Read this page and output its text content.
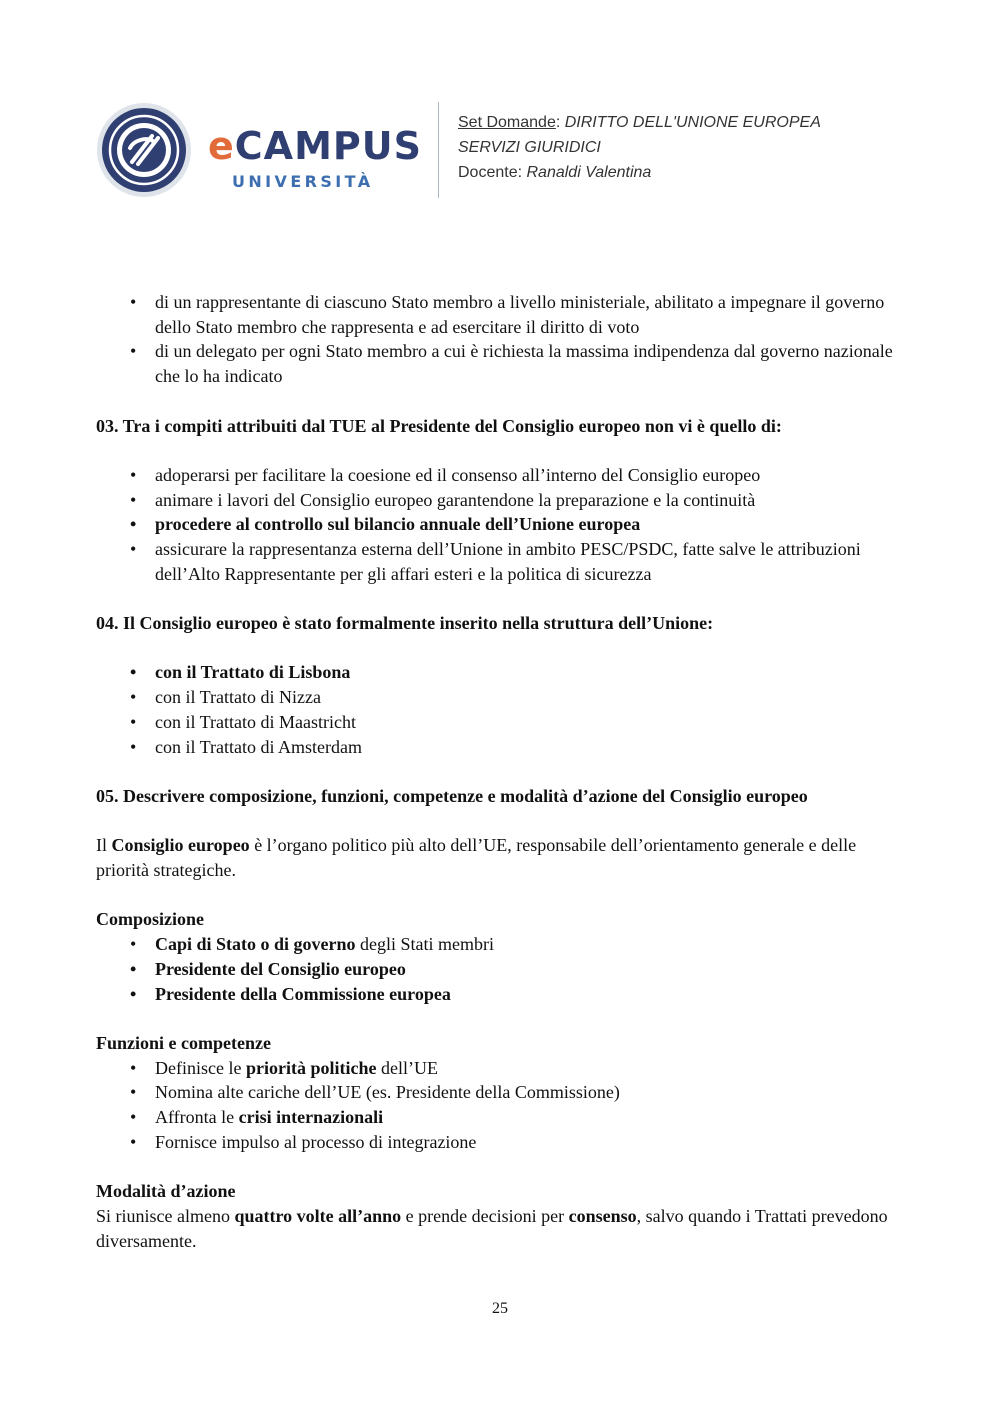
eCAMPUS
UNIVERSITÀ
Set Domande: DIRITTO DELL'UNIONE EUROPEA
SERVIZI GIURIDICI
Docente: Ranaldi Valentina
• di un rappresentante di ciascuno Stato membro a livello ministeriale, abilitato a impegnare il governo dello Stato membro che rappresenta e ad esercitare il diritto di voto
• di un delegato per ogni Stato membro a cui è richiesta la massima indipendenza dal governo nazionale che lo ha indicato

03. Tra i compiti attribuiti dal TUE al Presidente del Consiglio europeo non vi è quello di:

• adoperarsi per facilitare la coesione ed il consenso all’interno del Consiglio europeo
• animare i lavori del Consiglio europeo garantendone la preparazione e la continuità
• procedere al controllo sul bilancio annuale dell’Unione europea
• assicurare la rappresentanza esterna dell’Unione in ambito PESC/PSDC, fatte salve le attribuzioni dell’Alto Rappresentante per gli affari esteri e la politica di sicurezza

04. Il Consiglio europeo è stato formalmente inserito nella struttura dell’Unione:

• con il Trattato di Lisbona
• con il Trattato di Nizza
• con il Trattato di Maastricht
• con il Trattato di Amsterdam

05. Descrivere composizione, funzioni, competenze e modalità d’azione del Consiglio europeo

Il Consiglio europeo è l’organo politico più alto dell’UE, responsabile dell’orientamento generale e delle priorità strategiche.

Composizione

• Capi di Stato o di governo degli Stati membri
• Presidente del Consiglio europeo
• Presidente della Commissione europea

Funzioni e competenze

• Definisce le priorità politiche dell’UE
• Nomina alte cariche dell’UE (es. Presidente della Commissione)
• Affronta le crisi internazionali
• Fornisce impulso al processo di integrazione

Modalità d’azione

Si riunisce almeno quattro volte all’anno e prende decisioni per consenso, salvo quando i Trattati prevedono diversamente.

25
